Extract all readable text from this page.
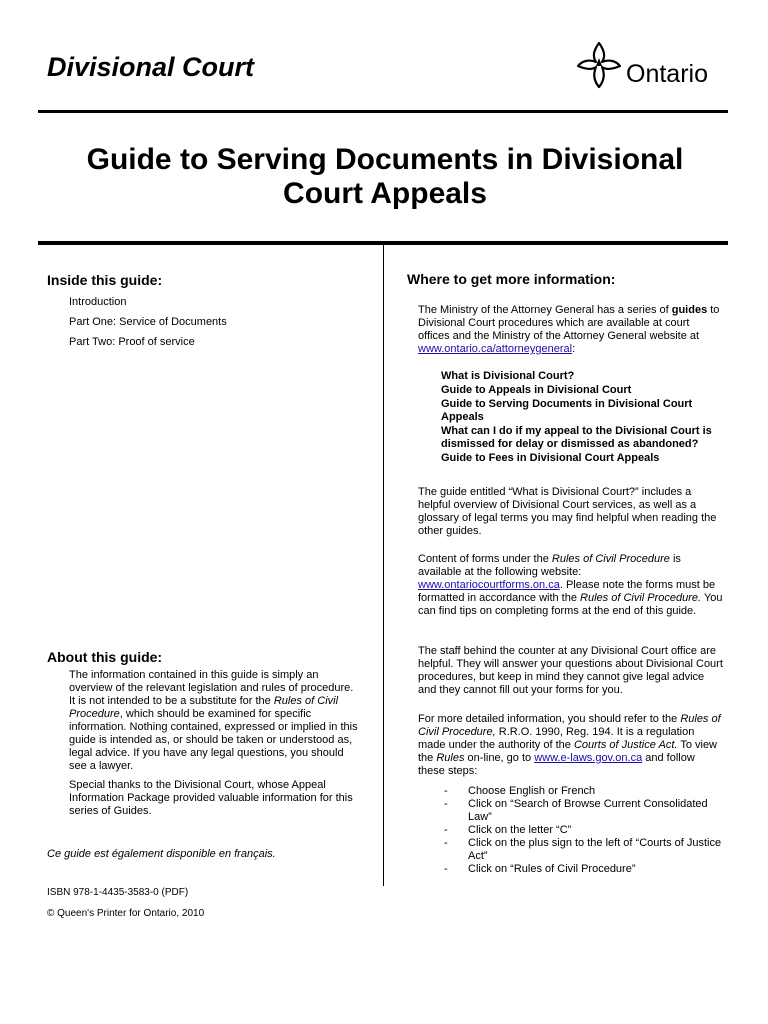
Divisional Court	Ontario
Guide to Serving Documents in Divisional
Court Appeals
Inside this guide:
Introduction
Part One: Service of Documents
Part Two: Proof of service
About this guide:
The information contained in this guide is simply an overview of the relevant legislation and rules of procedure. It is not intended to be a substitute for the Rules of Civil Procedure, which should be examined for specific information. Nothing contained, expressed or implied in this guide is intended as, or should be taken or understood as, legal advice. If you have any legal questions, you should see a lawyer.
Special thanks to the Divisional Court, whose Appeal Information Package provided valuable information for this series of Guides.
Ce guide est également disponible en français.
ISBN 978-1-4435-3583-0 (PDF)
© Queen's Printer for Ontario, 2010
Where to get more information:
The Ministry of the Attorney General has a series of guides to Divisional Court procedures which are available at court offices and the Ministry of the Attorney General website at www.ontario.ca/attorneygeneral:
What is Divisional Court?
Guide to Appeals in Divisional Court
Guide to Serving Documents in Divisional Court Appeals
What can I do if my appeal to the Divisional Court is dismissed for delay or dismissed as abandoned?
Guide to Fees in Divisional Court Appeals
The guide entitled “What is Divisional Court?” includes a helpful overview of Divisional Court services, as well as a glossary of legal terms you may find helpful when reading the other guides.
Content of forms under the Rules of Civil Procedure is available at the following website: www.ontariocourtforms.on.ca. Please note the forms must be formatted in accordance with the Rules of Civil Procedure. You can find tips on completing forms at the end of this guide.
The staff behind the counter at any Divisional Court office are helpful. They will answer your questions about Divisional Court procedures, but keep in mind they cannot give legal advice and they cannot fill out your forms for you.
For more detailed information, you should refer to the Rules of Civil Procedure, R.R.O. 1990, Reg. 194. It is a regulation made under the authority of the Courts of Justice Act. To view the Rules on-line, go to www.e-laws.gov.on.ca and follow these steps:
- Choose English or French
- Click on “Search of Browse Current Consolidated Law”
- Click on the letter “C”
- Click on the plus sign to the left of “Courts of Justice Act”
- Click on “Rules of Civil Procedure”
